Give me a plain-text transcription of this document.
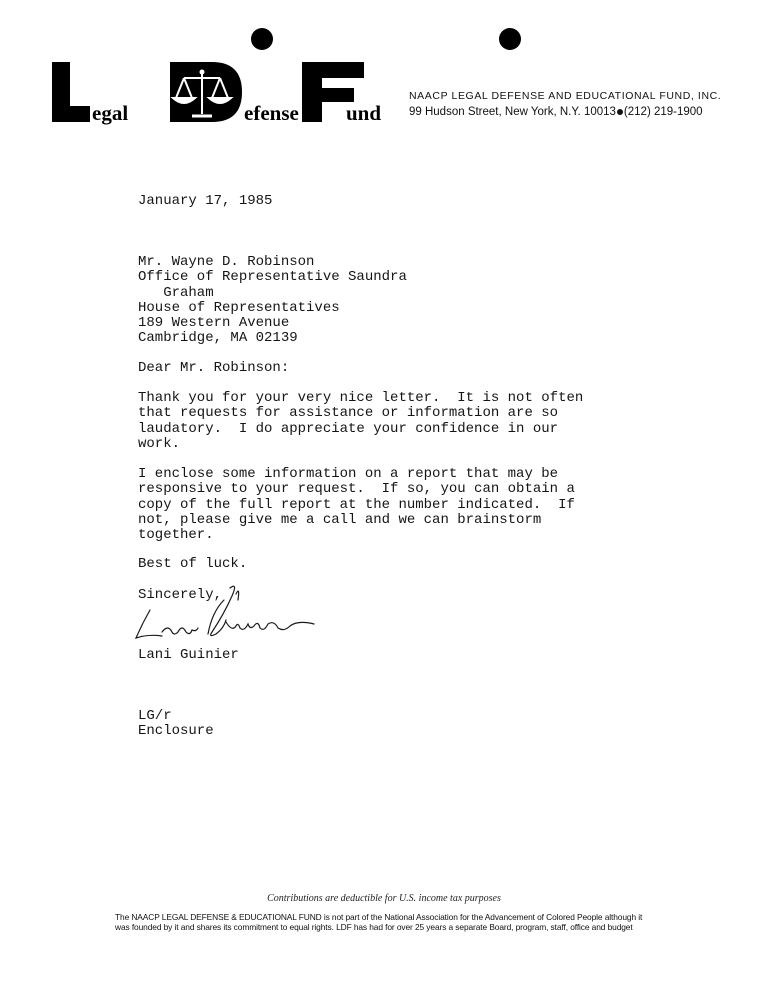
egal	efense und
NAACP LEGAL DEFENSE AND EDUCATIONAL FUND, INC.
99 Hudson Street, New York, N.Y. 10013 (212) 219-1900
January 17, 1985
Mr. Wayne D. Robinson
Office of Representative Saundra
Graham
House of Representatives
189 Western Avenue
Cambridge, MA 02139
Dear Mr. Robinson:
Thank you for your very nice letter.  It is not often
that requests for assistance or information are so
laudatory.  I do appreciate your confidence in our
work.
I enclose some information on a report that may be
responsive to your request.  If so, you can obtain a
copy of the full report at the number indicated.  If
not, please give me a call and we can brainstorm
together.
Best of luck.
Sincerely,
Lani Guinier
LG/r
Enclosure
Contributions are deductible for U.S. income tax purposes
The NAACP LEGAL DEFENSE & EDUCATIONAL FUND is not part of the National Association for the Advancement of Colored People although it
was founded by it and shares its commitment to equal rights. LDF has had for over 25 years a separate Board, program, staff, office and budget
